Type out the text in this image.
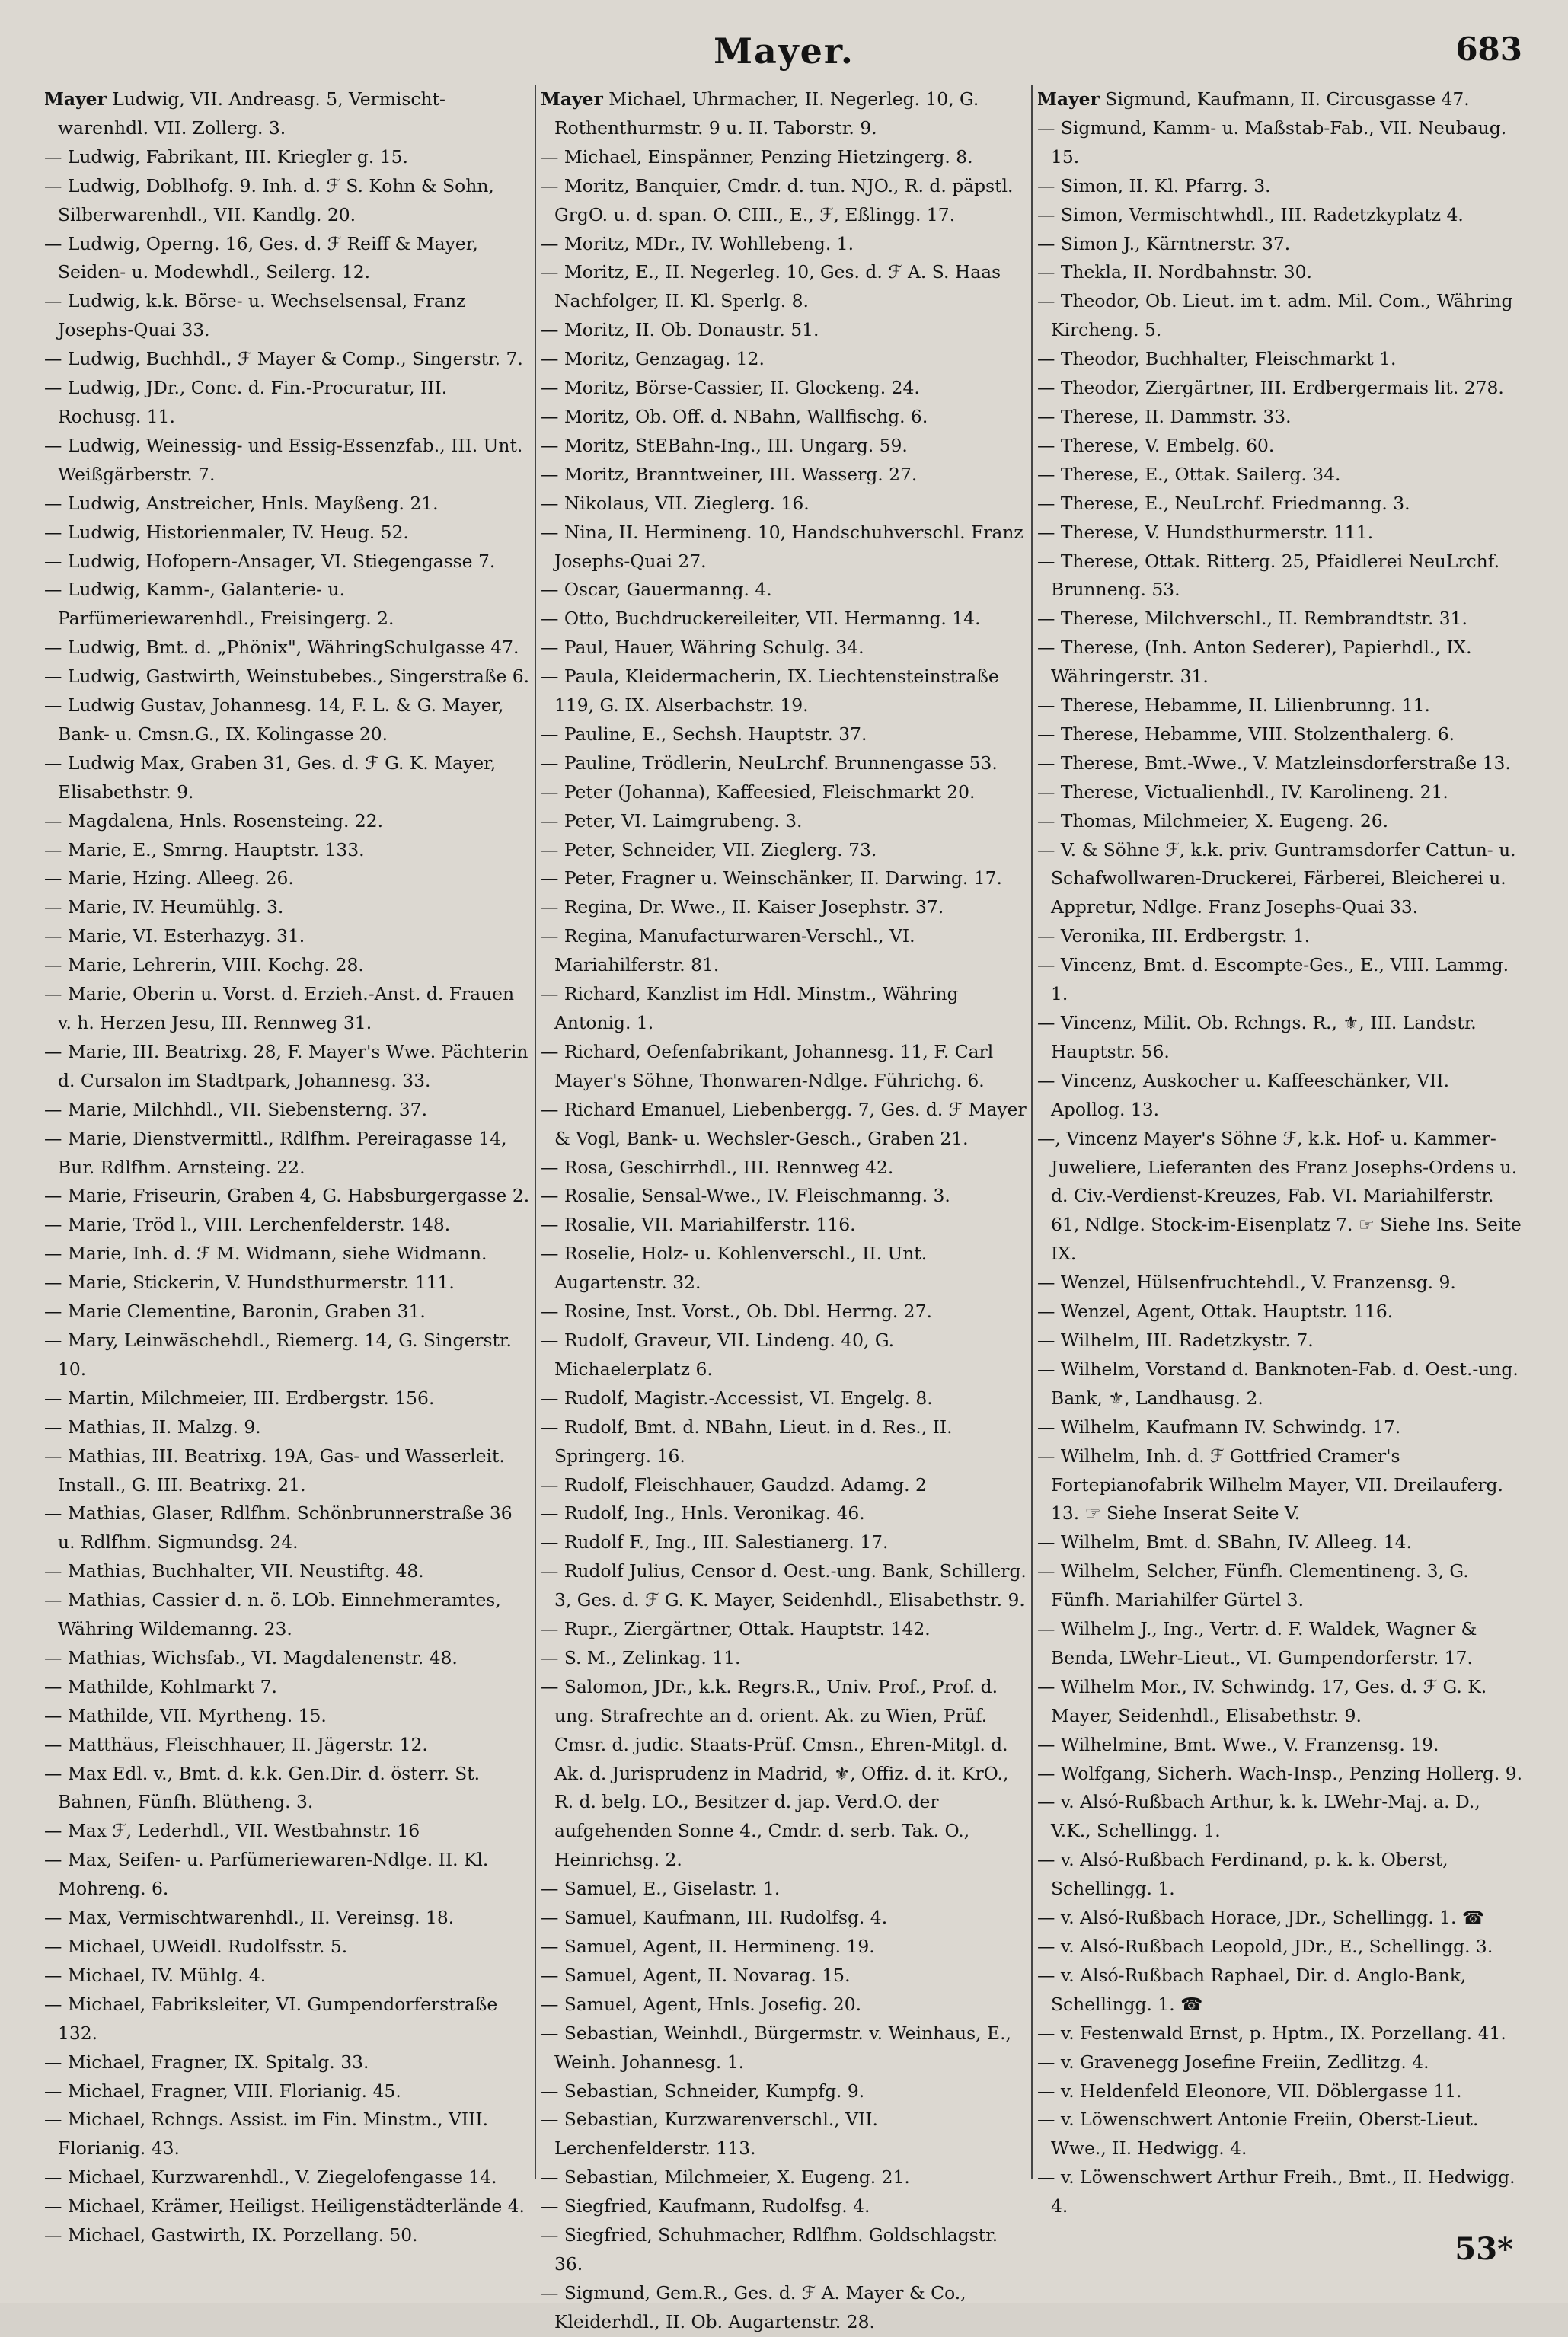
Mayer.	683

Mayer Ludwig, VII. Andreasg. 5, Vermischt-warenhdl. VII. Zollerg. 3.

— Ludwig, Fabrikant, III. Kriegler g. 15.

— Ludwig, Doblhofg. 9. Inh. d. ℱ S. Kohn & Sohn, Silberwarenhdl., VII. Kandlg. 20.

— Ludwig, Operng. 16, Ges. d. ℱ Reiff & Mayer, Seiden- u. Modewhdl., Seilerg. 12.

— Ludwig, k.k. Börse- u. Wechselsensal, Franz Josephs-Quai 33.

— Ludwig, Buchhdl., ℱ Mayer & Comp., Singerstr. 7.

— Ludwig, JDr., Conc. d. Fin.-Procuratur, III. Rochusg. 11.

— Ludwig, Weinessig- und Essig-Essenzfab., III. Unt. Weißgärberstr. 7.

— Ludwig, Anstreicher, Hnls. Mayßeng. 21.

— Ludwig, Historienmaler, IV. Heug. 52.

— Ludwig, Hofopern-Ansager, VI. Stiegengasse 7.

— Ludwig, Kamm-, Galanterie- u. Parfümeriewarenhdl., Freisingerg. 2.

— Ludwig, Bmt. d. „Phönix", WähringSchulgasse 47.

— Ludwig, Gastwirth, Weinstubebes., Singerstraße 6.

— Ludwig Gustav, Johannesg. 14, F. L. & G. Mayer, Bank- u. Cmsn.G., IX. Kolingasse 20.

— Ludwig Max, Graben 31, Ges. d. ℱ G. K. Mayer, Elisabethstr. 9.

— Magdalena, Hnls. Rosensteing. 22.

— Marie, E., Smrng. Hauptstr. 133.

— Marie, Hzing. Alleeg. 26.

— Marie, IV. Heumühlg. 3.

— Marie, VI. Esterhazyg. 31.

— Marie, Lehrerin, VIII. Kochg. 28.

— Marie, Oberin u. Vorst. d. Erzieh.-Anst. d. Frauen v. h. Herzen Jesu, III. Rennweg 31.

— Marie, III. Beatrixg. 28, F. Mayer's Wwe. Pächterin d. Cursalon im Stadtpark, Johannesg. 33.

— Marie, Milchhdl., VII. Siebensterng. 37.

— Marie, Dienstvermittl., Rdlfhm. Pereiragasse 14, Bur. Rdlfhm. Arnsteing. 22.

— Marie, Friseurin, Graben 4, G. Habsburgergasse 2.

— Marie, Tröd l., VIII. Lerchenfelderstr. 148.

— Marie, Inh. d. ℱ M. Widmann, siehe Widmann.

— Marie, Stickerin, V. Hundsthurmerstr. 111.

— Marie Clementine, Baronin, Graben 31.

— Mary, Leinwäschehdl., Riemerg. 14, G. Singerstr. 10.

— Martin, Milchmeier, III. Erdbergstr. 156.

— Mathias, II. Malzg. 9.

— Mathias, III. Beatrixg. 19A, Gas- und Wasserleit. Install., G. III. Beatrixg. 21.

— Mathias, Glaser, Rdlfhm. Schönbrunnerstraße 36 u. Rdlfhm. Sigmundsg. 24.

— Mathias, Buchhalter, VII. Neustiftg. 48.

— Mathias, Cassier d. n. ö. LOb. Einnehmeramtes, Währing Wildemanng. 23.

— Mathias, Wichsfab., VI. Magdalenenstr. 48.

— Mathilde, Kohlmarkt 7.

— Mathilde, VII. Myrtheng. 15.

— Matthäus, Fleischhauer, II. Jägerstr. 12.

— Max Edl. v., Bmt. d. k.k. Gen.Dir. d. österr. St. Bahnen, Fünfh. Blütheng. 3.

— Max ℱ, Lederhdl., VII. Westbahnstr. 16

— Max, Seifen- u. Parfümeriewaren-Ndlge. II. Kl. Mohreng. 6.

— Max, Vermischtwarenhdl., II. Vereinsg. 18.

— Michael, UWeidl. Rudolfsstr. 5.

— Michael, IV. Mühlg. 4.

— Michael, Fabriksleiter, VI. Gumpendorferstraße 132.

— Michael, Fragner, IX. Spitalg. 33.

— Michael, Fragner, VIII. Florianig. 45.

— Michael, Rchngs. Assist. im Fin. Minstm., VIII. Florianig. 43.

— Michael, Kurzwarenhdl., V. Ziegelofengasse 14.

— Michael, Krämer, Heiligst. Heiligenstädterlände 4.

— Michael, Gastwirth, IX. Porzellang. 50.

Mayer Michael, Uhrmacher, II. Negerleg. 10, G. Rothenthurmstr. 9 u. II. Taborstr. 9.

— Michael, Einspänner, Penzing Hietzingerg. 8.

— Moritz, Banquier, Cmdr. d. tun. NJO., R. d. päpstl. GrgO. u. d. span. O. CIII., E., ℱ, Eßlingg. 17.

— Moritz, MDr., IV. Wohllebeng. 1.

— Moritz, E., II. Negerleg. 10, Ges. d. ℱ A. S. Haas Nachfolger, II. Kl. Sperlg. 8.

— Moritz, II. Ob. Donaustr. 51.

— Moritz, Genzagag. 12.

— Moritz, Börse-Cassier, II. Glockeng. 24.

— Moritz, Ob. Off. d. NBahn, Wallfischg. 6.

— Moritz, StEBahn-Ing., III. Ungarg. 59.

— Moritz, Branntweiner, III. Wasserg. 27.

— Nikolaus, VII. Zieglerg. 16.

— Nina, II. Hermineng. 10, Handschuhverschl. Franz Josephs-Quai 27.

— Oscar, Gauermanng. 4.

— Otto, Buchdruckereileiter, VII. Hermanng. 14.

— Paul, Hauer, Währing Schulg. 34.

— Paula, Kleidermacherin, IX. Liechtensteinstraße 119, G. IX. Alserbachstr. 19.

— Pauline, E., Sechsh. Hauptstr. 37.

— Pauline, Trödlerin, NeuLrchf. Brunnengasse 53.

— Peter (Johanna), Kaffeesied, Fleischmarkt 20.

— Peter, VI. Laimgrubeng. 3.

— Peter, Schneider, VII. Zieglerg. 73.

— Peter, Fragner u. Weinschänker, II. Darwing. 17.

— Regina, Dr. Wwe., II. Kaiser Josephstr. 37.

— Regina, Manufacturwaren-Verschl., VI. Mariahilferstr. 81.

— Richard, Kanzlist im Hdl. Minstm., Währing Antonig. 1.

— Richard, Oefenfabrikant, Johannesg. 11, F. Carl Mayer's Söhne, Thonwaren-Ndlge. Führichg. 6.

— Richard Emanuel, Liebenbergg. 7, Ges. d. ℱ Mayer & Vogl, Bank- u. Wechsler-Gesch., Graben 21.

— Rosa, Geschirrhdl., III. Rennweg 42.

— Rosalie, Sensal-Wwe., IV. Fleischmanng. 3.

— Rosalie, VII. Mariahilferstr. 116.

— Roselie, Holz- u. Kohlenverschl., II. Unt. Augartenstr. 32.

— Rosine, Inst. Vorst., Ob. Dbl. Herrng. 27.

— Rudolf, Graveur, VII. Lindeng. 40, G. Michaelerplatz 6.

— Rudolf, Magistr.-Accessist, VI. Engelg. 8.

— Rudolf, Bmt. d. NBahn, Lieut. in d. Res., II. Springerg. 16.

— Rudolf, Fleischhauer, Gaudzd. Adamg. 2

— Rudolf, Ing., Hnls. Veronikag. 46.

— Rudolf F., Ing., III. Salestianerg. 17.

— Rudolf Julius, Censor d. Oest.-ung. Bank, Schillerg. 3, Ges. d. ℱ G. K. Mayer, Seidenhdl., Elisabethstr. 9.

— Rupr., Ziergärtner, Ottak. Hauptstr. 142.

— S. M., Zelinkag. 11.

— Salomon, JDr., k.k. Regrs.R., Univ. Prof., Prof. d. ung. Strafrechte an d. orient. Ak. zu Wien, Prüf. Cmsr. d. judic. Staats-Prüf. Cmsn., Ehren-Mitgl. d. Ak. d. Jurisprudenz in Madrid, ⚜, Offiz. d. it. KrO., R. d. belg. LO., Besitzer d. jap. Verd.O. der aufgehenden Sonne 4., Cmdr. d. serb. Tak. O., Heinrichsg. 2.

— Samuel, E., Giselastr. 1.

— Samuel, Kaufmann, III. Rudolfsg. 4.

— Samuel, Agent, II. Hermineng. 19.

— Samuel, Agent, II. Novarag. 15.

— Samuel, Agent, Hnls. Josefig. 20.

— Sebastian, Weinhdl., Bürgermstr. v. Weinhaus, E., Weinh. Johannesg. 1.

— Sebastian, Schneider, Kumpfg. 9.

— Sebastian, Kurzwarenverschl., VII. Lerchenfelderstr. 113.

— Sebastian, Milchmeier, X. Eugeng. 21.

— Siegfried, Kaufmann, Rudolfsg. 4.

— Siegfried, Schuhmacher, Rdlfhm. Goldschlagstr. 36.

— Sigmund, Gem.R., Ges. d. ℱ A. Mayer & Co., Kleiderhdl., II. Ob. Augartenstr. 28.

Mayer Sigmund, Kaufmann, II. Circusgasse 47.

— Sigmund, Kamm- u. Maßstab-Fab., VII. Neubaug. 15.

— Simon, II. Kl. Pfarrg. 3.

— Simon, Vermischtwhdl., III. Radetzkyplatz 4.

— Simon J., Kärntnerstr. 37.

— Thekla, II. Nordbahnstr. 30.

— Theodor, Ob. Lieut. im t. adm. Mil. Com., Währing Kircheng. 5.

— Theodor, Buchhalter, Fleischmarkt 1.

— Theodor, Ziergärtner, III. Erdbergermais lit. 278.

— Therese, II. Dammstr. 33.

— Therese, V. Embelg. 60.

— Therese, E., Ottak. Sailerg. 34.

— Therese, E., NeuLrchf. Friedmanng. 3.

— Therese, V. Hundsthurmerstr. 111.

— Therese, Ottak. Ritterg. 25, Pfaidlerei NeuLrchf. Brunneng. 53.

— Therese, Milchverschl., II. Rembrandtstr. 31.

— Therese, (Inh. Anton Sederer), Papierhdl., IX. Währingerstr. 31.

— Therese, Hebamme, II. Lilienbrunng. 11.

— Therese, Hebamme, VIII. Stolzenthalerg. 6.

— Therese, Bmt.-Wwe., V. Matzleinsdorferstraße 13.

— Therese, Victualienhdl., IV. Karolineng. 21.

— Thomas, Milchmeier, X. Eugeng. 26.

— V. & Söhne ℱ, k.k. priv. Guntramsdorfer Cattun- u. Schafwollwaren-Druckerei, Färberei, Bleicherei u. Appretur, Ndlge. Franz Josephs-Quai 33.

— Veronika, III. Erdbergstr. 1.

— Vincenz, Bmt. d. Escompte-Ges., E., VIII. Lammg. 1.

— Vincenz, Milit. Ob. Rchngs. R., ⚜, III. Landstr. Hauptstr. 56.

— Vincenz, Auskocher u. Kaffeeschänker, VII. Apollog. 13.

—, Vincenz Mayer's Söhne ℱ, k.k. Hof- u. Kammer-Juweliere, Lieferanten des Franz Josephs-Ordens u. d. Civ.-Verdienst-Kreuzes, Fab. VI. Mariahilferstr. 61, Ndlge. Stock-im-Eisenplatz 7. ☞ Siehe Ins. Seite IX.

— Wenzel, Hülsenfruchtehdl., V. Franzensg. 9.

— Wenzel, Agent, Ottak. Hauptstr. 116.

— Wilhelm, III. Radetzkystr. 7.

— Wilhelm, Vorstand d. Banknoten-Fab. d. Oest.-ung. Bank, ⚜, Landhausg. 2.

— Wilhelm, Kaufmann IV. Schwindg. 17.

— Wilhelm, Inh. d. ℱ Gottfried Cramer's Fortepianofabrik Wilhelm Mayer, VII. Dreilauferg. 13. ☞ Siehe Inserat Seite V.

— Wilhelm, Bmt. d. SBahn, IV. Alleeg. 14.

— Wilhelm, Selcher, Fünfh. Clementineng. 3, G. Fünfh. Mariahilfer Gürtel 3.

— Wilhelm J., Ing., Vertr. d. F. Waldek, Wagner & Benda, LWehr-Lieut., VI. Gumpendorferstr. 17.

— Wilhelm Mor., IV. Schwindg. 17, Ges. d. ℱ G. K. Mayer, Seidenhdl., Elisabethstr. 9.

— Wilhelmine, Bmt. Wwe., V. Franzensg. 19.

— Wolfgang, Sicherh. Wach-Insp., Penzing Hollerg. 9.

— v. Alsó-Rußbach Arthur, k. k. LWehr-Maj. a. D., V.K., Schellingg. 1.

— v. Alsó-Rußbach Ferdinand, p. k. k. Oberst, Schellingg. 1.

— v. Alsó-Rußbach Horace, JDr., Schellingg. 1. ☎

— v. Alsó-Rußbach Leopold, JDr., E., Schellingg. 3.

— v. Alsó-Rußbach Raphael, Dir. d. Anglo-Bank, Schellingg. 1. ☎

— v. Festenwald Ernst, p. Hptm., IX. Porzellang. 41.

— v. Gravenegg Josefine Freiin, Zedlitzg. 4.

— v. Heldenfeld Eleonore, VII. Döblergasse 11.

— v. Löwenschwert Antonie Freiin, Oberst-Lieut. Wwe., II. Hedwigg. 4.

— v. Löwenschwert Arthur Freih., Bmt., II. Hedwigg. 4.

53*
